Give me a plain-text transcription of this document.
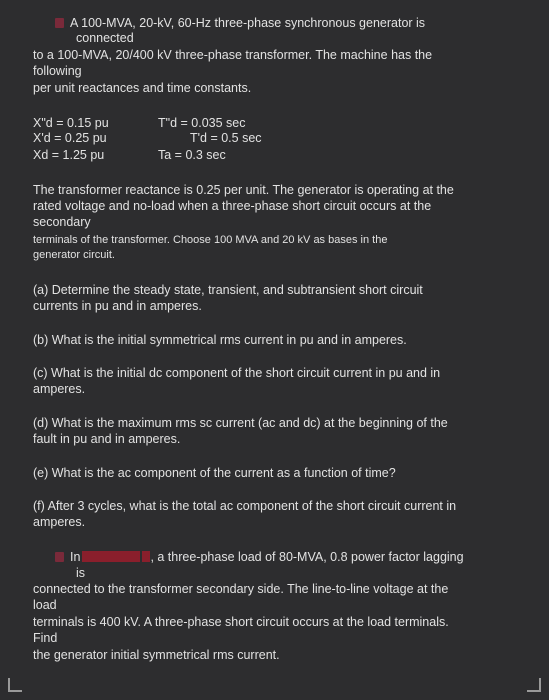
A 100-MVA, 20-kV, 60-Hz three-phase synchronous generator is
connected
to a 100-MVA, 20/400 kV three-phase transformer. The machine has the
following
per unit reactances and time constants.
X"d = 0.15 pu
X'd = 0.25 pu
Xd = 1.25 pu
T"d = 0.035 sec
T'd = 0.5 sec
Ta = 0.3 sec
The transformer reactance is 0.25 per unit. The generator is operating at the
rated voltage and no-load when a three-phase short circuit occurs at the
secondary
terminals of the transformer. Choose 100 MVA and 20 kV as bases in the
generator circuit.
(a) Determine the steady state, transient, and subtransient short circuit
currents in pu and in amperes.
(b) What is the initial symmetrical rms current in pu and in amperes.
(c) What is the initial dc component of the short circuit current in pu and in
amperes.
(d) What is the maximum rms sc current (ac and dc) at the beginning of the
fault in pu and in amperes.
(e) What is the ac component of the current as a function of time?
(f) After 3 cycles, what is the total ac component of the short circuit current in
amperes.
In	, a three-phase load of 80-MVA, 0.8 power factor lagging
is
connected to the transformer secondary side. The line-to-line voltage at the
load
terminals is 400 kV. A three-phase short circuit occurs at the load terminals.
Find
the generator initial symmetrical rms current.
